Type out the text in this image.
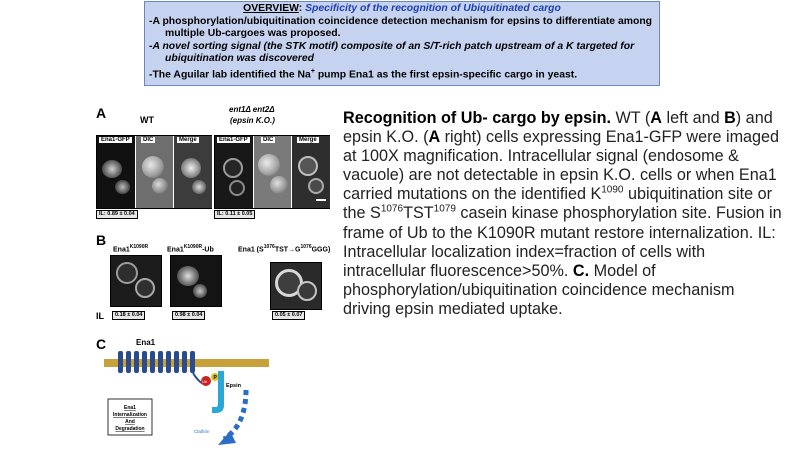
OVERVIEW: Specificity of the recognition of Ubiquitinated cargo
-A phosphorylation/ubiquitination coincidence detection mechanism for epsins to differentiate among
multiple Ub-cargoes was proposed.
-A novel sorting signal (the STK motif) composite of an S/T-rich patch upstream of a K targeted for
ubiquitination was discovered
-The Aguilar lab identified the Na+ pump Ena1 as the first epsin-specific cargo in yeast.
A	WT
ent1Δ ent2Δ
(epsin K.O.)
Ena1-GFP	DIC	Merge
IL: 0.89 ± 0.04
Ena1-GFP	DIC	Merge
IL: 0.11 ± 0.05
B
$Ena1^{K1090R}$	$Ena1^{K1090R}-Ub$	Ena1 $(S^{1076}TST\to G^{1076}GGG)$
IL	0.18 ± 0.04	0.98 ± 0.04	0.05 ± 0.07
C	Ena1
Ub
P
Epsin
Clathrin
Ena1
Internalization
And
Degradation
Recognition of Ub- cargo by epsin. WT (A left and B) and epsin K.O. (A right) cells expressing Ena1-GFP were imaged at 100X magnification. Intracellular signal (endosome & vacuole) are not detectable in epsin K.O. cells or when Ena1 carried mutations on the identified $K^{1090}$ ubiquitination site or the $S^{1076}TST^{1079}$ casein kinase phosphorylation site. Fusion in frame of Ub to the K1090R mutant restore internalization. IL: Intracellular localization index=fraction of cells with intracellular fluorescence>50%. C. Model of phosphorylation/ubiquitination coincidence mechanism driving epsin mediated uptake.
